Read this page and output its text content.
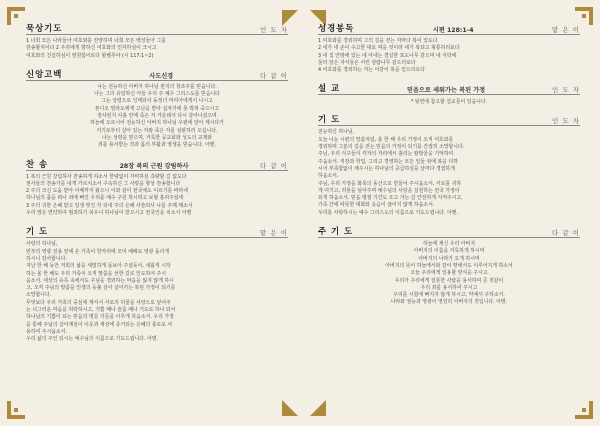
묵상기도	인 도 자

1 너희 모든 나라들아 여호와를 찬양하며 너희 모든 백성들아 그를

찬송할지어다 2 우리에게 향하신 여호와의 인자하심이 크시고

여호와의 진실하심이 영원함이로다 할렐루야 (시 117:1~2)

신앙고백	사도신경	다 같 이

나는 전능하신 아버지 하나님 천지의 창조주를 믿습니다.

나는 그의 유일하신 아들 우리 주 예수 그리스도를 믿습니다

그는 성령으로 잉태되어 동정녀 마리아에게서 나시고

본디오 빌라도에게 고난을 받아 십자가에 못 박혀 죽으시고

장사된지 사흘 만에 죽은 자 가운데서 다시 살아나셨으며

하늘에 오르시어 전능하신 아버지 하나님 우편에 앉아 계시다가

거기로부터 살아 있는 자와 죽은 자를 심판하러 오십니다.

나는 성령을 믿으며, 거룩한 공교회와 성도의 교제와

죄를 용서받는 것과 몸의 부활과 영생을 믿습니다. 아멘.

찬 송	28장 복의 근원 강림하사	다 같 이

1 복의 근원 강림하사 찬송하게 하소서 한량없이 자비하심 측량할 길 없도다

천사들의 찬송가를 내게 가르치소서 구속하신 그 사랑을 항상 찬송합니다

2 주의 크신 도움 받아 이때까지 왔으니 이와 같이 천국에도 이르기를 바라네

하나님의 품을 떠나 죄에 빠진 우리를 예수 구원 하시려고 보혈 흘려주셨네

3 주의 귀한 은혜 받고 일생 빚진 자 되네 주의 은혜 사슬되사 나를 주께 매소서

우리 맘은 연약하여 범죄하기 쉬우니 하나님이 받으시고 천국인을 치소서 아멘

기 도	맡 은 이

사랑의 하나님,

빈부의 영광 전용 앞에 온 가족이 한자리에 모여 예배로 영광 돌리게

하시니 감사합니다.

지난 한 해 동안 저희의 삶을 세밀하게 돌보아 주셨듯이, 새롭게 시작

하는 올 한 해도 우리 가족이 오직 말씀을 선한 길로 인도하여 주시

옵소서. 세상의 유혹 속에서도 주님을 경외하는 마음을 잃지 않게 하시

고, 오직 주님의 말씀을 인생의 등불 삼아 살아가는 복된 가정이 되기를

소망합니다.

무엇보다 우리 가족의 중심에 계셔서 서로의 허물을 사랑으로 덮어주

는 너그러운 마음을 허락하시고, 기쁨 때나 슬픔 때나 기도로 하나 되어

하나님의 기쁨이 되는 믿음의 명문 가문을 이루게 하옵소서. 우리 가정

을 통해 주님의 살아계심이 이웃과 세상에 증거되는 은혜의 통로로 사

용하여 주시옵소서.

우리 삶의 주인 되시는 예수님의 이름으로 기도드립니다. 아멘.

성경봉독	시편 128:1-4	맡 은 이

1 여호와를 경외하며 그의 길을 걷는 자마다 복이 있도다

2 네가 네 손이 수고한 대로 먹을 것이라 네가 복되고 형통하리로다

3 네 집 안방에 있는 네 아내는 결실한 포도나무 같으며 네 식탁에

둘러 앉은 자식들은 어린 감람나무 같으리로다

4 여호와를 경외하는 자는 이같이 복을 얻으리로다

설 교	믿음으로 세워가는 복된 가정	인 도 자
* 뒷면에 참고할 설교문이 있습니다.
기 도	인 도 자

전능하신 하나님,

오늘 나눈 시편의 말씀처럼, 올 한 해 우리 가정이 오직 여호와를

경외하며 그분의 길을 걷는 믿음의 가정이 되기를 간절히 소망합니다.

주님, 우리 식구들이 각자의 자리에서 흘리는 땀방울을 기억하여

주옵소서. 직장과 학업, 그리고 경영하는 모든 일들 위에 복을 더하

시어 부족함없이 채우시는 하나님의 공급하심을 날마다 경험하게

하옵소서.

주님, 우리 가정을 화목의 동산으로 만들어 주시옵소서. 서로를 귀하

게 여기고, 허물을 덮어주며 예수님의 사랑을 실천하는 천국 가정이

되게 하옵소서. 믿음 명절 기간도 오고 가는 길 안전하게 지켜주시고,

가족 간에 따뜻한 대화와 웃음이 끊이지 않게 하옵소서.

우리를 사랑하시는 예수 그리스도의 이름으로 기도드립니다. 아멘.

주 기 도	다 같 이

하늘에 계신 우리 아버지

아버지의 이름을 거룩하게 하시며

아버지의 나라가 오게 하시며

아버지의 뜻이 하늘에서와 같이 땅에서도 이루어지게 하소서

오늘 우리에게 일용할 양식을 주시고

우리가 우리에게 잘못한 사람을 용서하여 준 것같이

우리 죄를 용서하여 주시고

우리를 시험에 빠지지 않게 하시고, 악에서 구하소서.

나라와 권능과 영광이 영원히 아버지의 것입니다. 아멘.
